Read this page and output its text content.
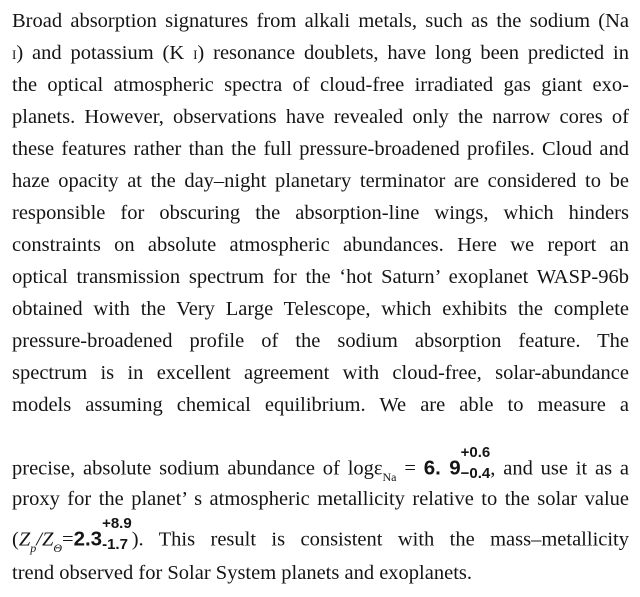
Broad absorption signatures from alkali metals, such as the sodium (Na
I) and potassium (K I) resonance doublets, have long been predicted in
the optical atmospheric spectra of cloud-free irradiated gas giant exo-
planets. However, observations have revealed only the narrow cores of
these features rather than the full pressure-broadened profiles. Cloud and
haze opacity at the day–night planetary terminator are considered to be
responsible for obscuring the absorption-line wings, which hinders
constraints on absolute atmospheric abundances. Here we report an
optical transmission spectrum for the ‘hot Saturn’ exoplanet WASP-96b
obtained with the Very Large Telescope, which exhibits the complete
pressure-broadened profile of the sodium absorption feature. The
spectrum is in excellent agreement with cloud-free, solar-abundance
models assuming chemical equilibrium. We are able to measure a
precise, absolute sodium abundance of logε$_{Na}$ = 6. 9
+0.6
−0.4 , and use it as a
proxy for the planet’ s atmospheric metallicity relative to the solar value
($Z_p/Z_\Theta=2.3$
+8.9
-1.7 ). This result is consistent with the mass–metallicity
trend observed for Solar System planets and exoplanets.
